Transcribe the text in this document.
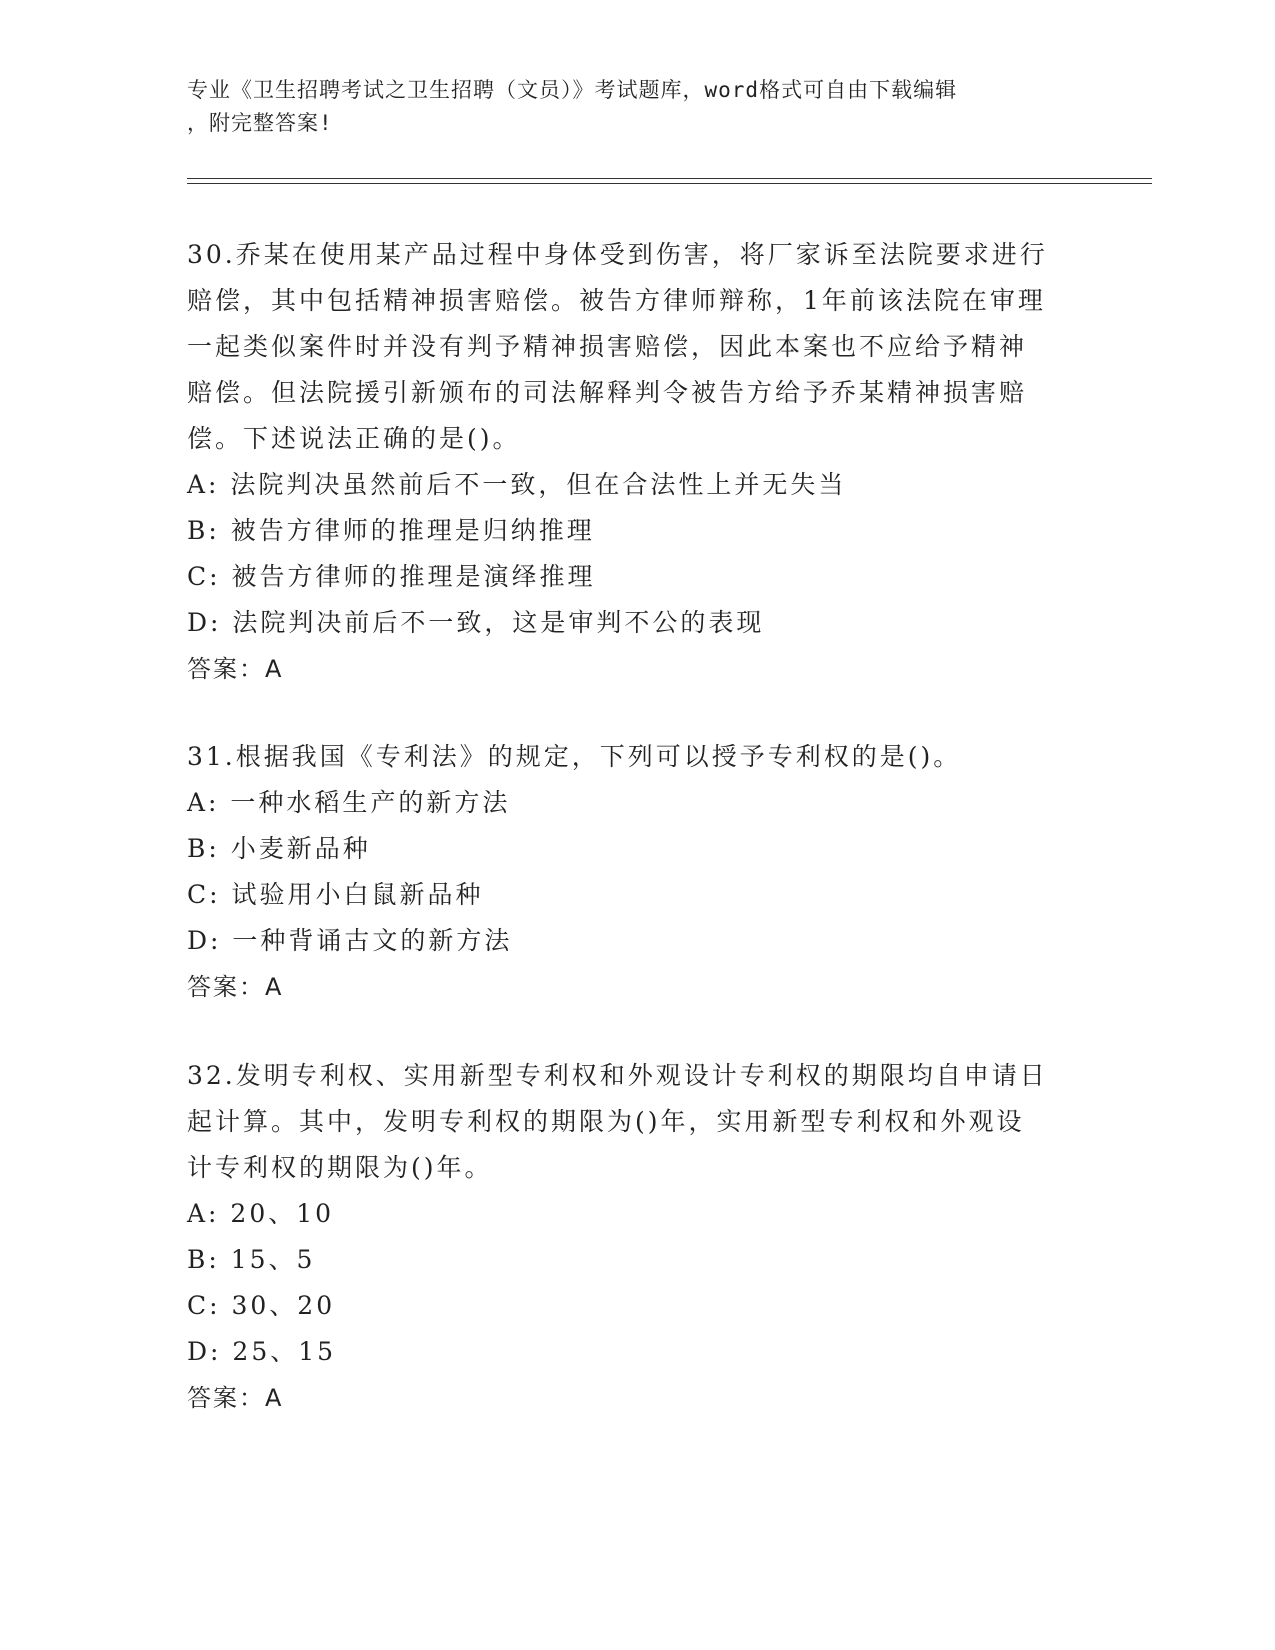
专业《卫生招聘考试之卫生招聘（文员）》考试题库，word格式可自由下载编辑
，附完整答案!
30.乔某在使用某产品过程中身体受到伤害，将厂家诉至法院要求进行
赔偿，其中包括精神损害赔偿。被告方律师辩称，1年前该法院在审理
一起类似案件时并没有判予精神损害赔偿，因此本案也不应给予精神
赔偿。但法院援引新颁布的司法解释判令被告方给予乔某精神损害赔
偿。下述说法正确的是()。
A: 法院判决虽然前后不一致，但在合法性上并无失当
B: 被告方律师的推理是归纳推理
C: 被告方律师的推理是演绎推理
D: 法院判决前后不一致，这是审判不公的表现
答案：A
31.根据我国《专利法》的规定，下列可以授予专利权的是()。
A: 一种水稻生产的新方法
B: 小麦新品种
C: 试验用小白鼠新品种
D: 一种背诵古文的新方法
答案：A
32.发明专利权、实用新型专利权和外观设计专利权的期限均自申请日
起计算。其中，发明专利权的期限为()年，实用新型专利权和外观设
计专利权的期限为()年。
A: 20、10
B: 15、5
C: 30、20
D: 25、15
答案：A
